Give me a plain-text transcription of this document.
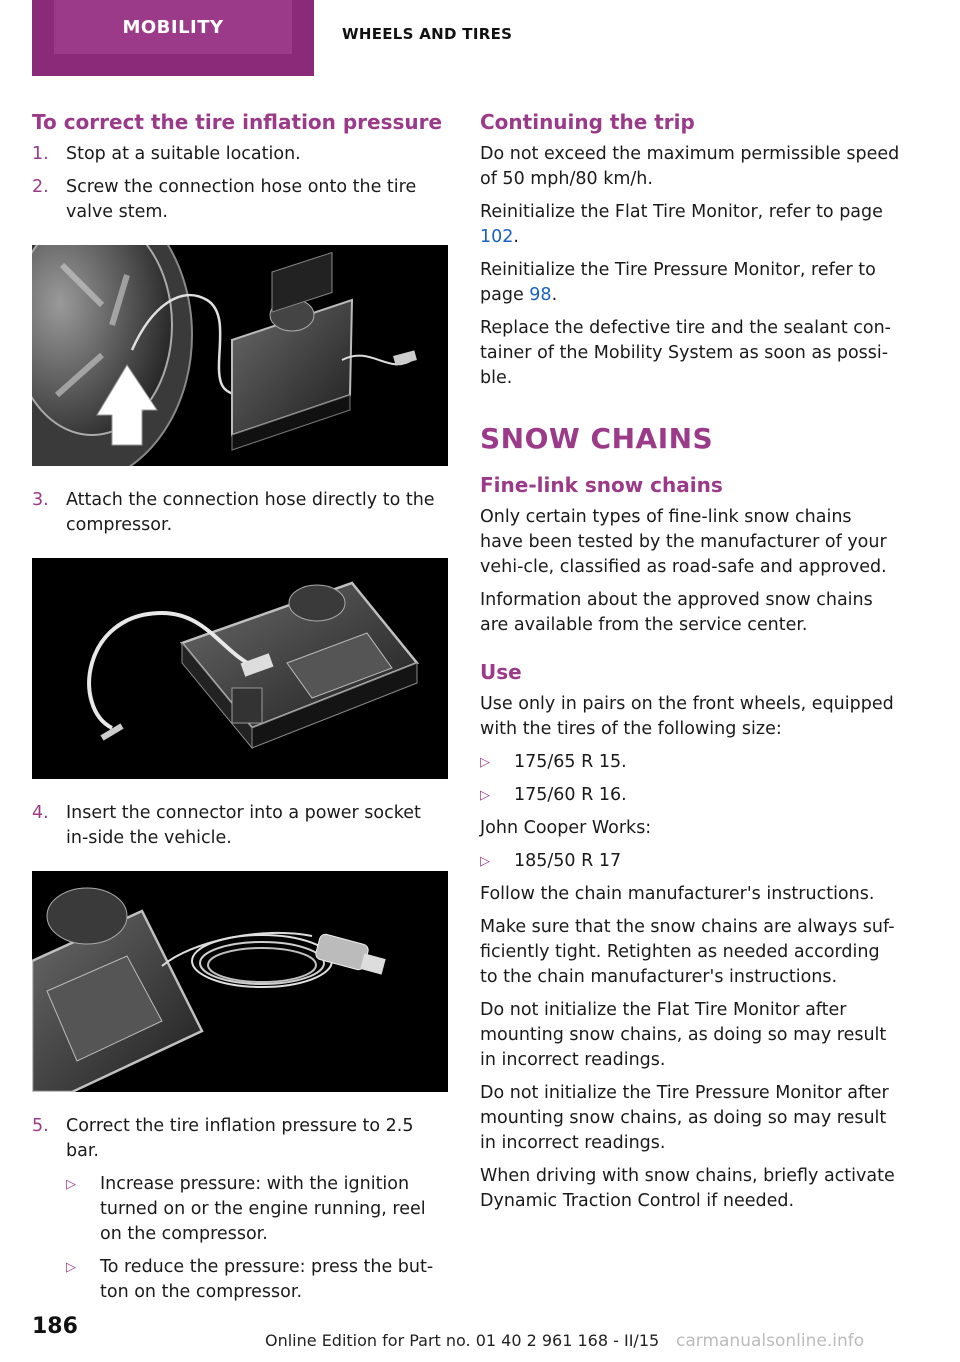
MOBILITY	WHEELS AND TIRES
To correct the tire inflation pressure
1. Stop at a suitable location.
2. Screw the connection hose onto the tire valve stem.
3. Attach the connection hose directly to the compressor.
4. Insert the connector into a power socket in-side the vehicle.
5. Correct the tire inflation pressure to 2.5 bar.
▷	Increase pressure: with the ignition turned on or the engine running, reel on the compressor.
▷	To reduce the pressure: press the but-ton on the compressor.
Continuing the trip

Do not exceed the maximum permissible speed of 50 mph/80 km/h.

Reinitialize the Flat Tire Monitor, refer to page 102.

Reinitialize the Tire Pressure Monitor, refer to page 98.

Replace the defective tire and the sealant con-tainer of the Mobility System as soon as possi-ble.

SNOW CHAINS
Fine-link snow chains

Only certain types of fine-link snow chains have been tested by the manufacturer of your vehi-cle, classified as road-safe and approved.

Information about the approved snow chains are available from the service center.

Use

Use only in pairs on the front wheels, equipped with the tires of the following size:

▷	175/65 R 15.
▷	175/60 R 16.

John Cooper Works:

▷	185/50 R 17

Follow the chain manufacturer's instructions.

Make sure that the snow chains are always suf-ficiently tight. Retighten as needed according to the chain manufacturer's instructions.

Do not initialize the Flat Tire Monitor after mounting snow chains, as doing so may result in incorrect readings.

Do not initialize the Tire Pressure Monitor after mounting snow chains, as doing so may result in incorrect readings.

When driving with snow chains, briefly activate Dynamic Traction Control if needed.

186
Online Edition for Part no. 01 40 2 961 168 - II/15 carmanualsonline.info
